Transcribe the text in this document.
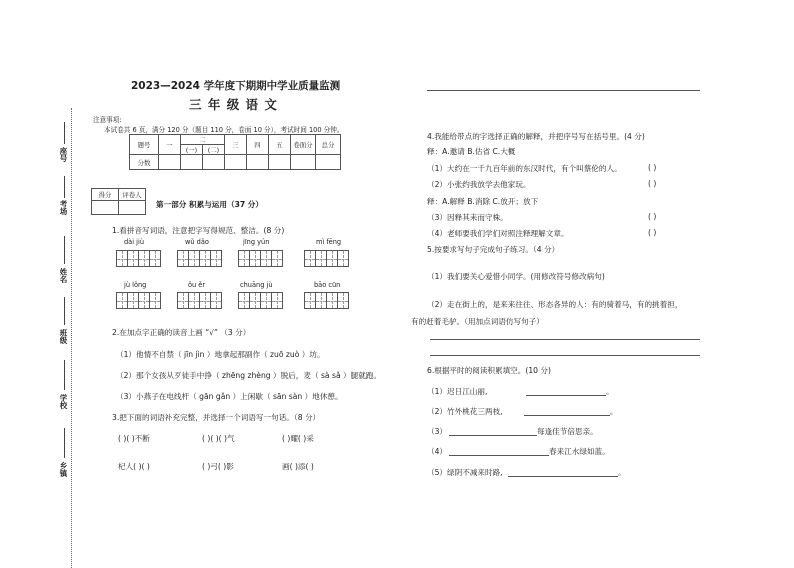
座号
考场
姓名
班级
学校
乡镇
2023—2024 学年度下期期中学业质量监测
三 年 级 语 文
注意事项:
本试卷共 6 页，满分 120 分（题目 110 分，卷面 10 分），考试时间 100 分钟。
题号	一	二		三	四	五	卷面分	总分
		(一)	(二)					
分数								
得分	评卷人

第一部分 积累与运用（37 分）
1.看拼音写词语，注意把字写得规范、整洁。(8 分)
dài jiù	wǔ dǎo	jīng yún	mì fēng
jù lǒng	ǒu ěr	chuāng jù	bāo cūn
2.在加点字正确的读音上画 “√” （3 分）
（1）他情不自禁（ jīn jìn ）地拿起那副作（ zuō zuò ）坊。
（2）那个女孩从歹徒手中挣（ zhēng zhèng ）脱后，麦（ sà sǎ ）腿就跑。
（3）小燕子在电线杆（ gān gǎn ）上闲歇（ sān sàn ）地休憩。
3.把下面的词语补充完整，并选择一个词语写一句话。（8 分）
( )( )不断	( )( )( )气	( )耀( )采
杞人( )( )	( )弓( )影	画( )添( )
4.我能给带点的字选择正确的解释，并把序号写在括号里。(4 分)
释：A.邀请 B.估省 C.大概
（1）大约在一千九百年前的东汉时代，有个叫蔡伦的人。	( )
（2）小张约我放学去他家玩。	( )
释：A.解释 B.消除 C.放开；放下
（3）因释其耒而守株。	( )
（4）老师要我们学们对照注释理解文章。	( )
5.按要求写句子完成句子练习。（4 分）
（1）我们要关心爱惜小同学。(用修改符号修改病句)
（2）走在街上的，是来来往往、形态各异的人：有的骑着马，有的挑着担，
有的赶着毛驴。（用加点词语仿写句子）
6.根据平时的阅读积累填空。(10 分)
（1）迟日江山丽,	。
（2）竹外桃花三两枝,	。
（3）	每逢佳节倍思亲。
（4）	春来江水绿如蓝。
（5）绿阴不减来时路,	。
